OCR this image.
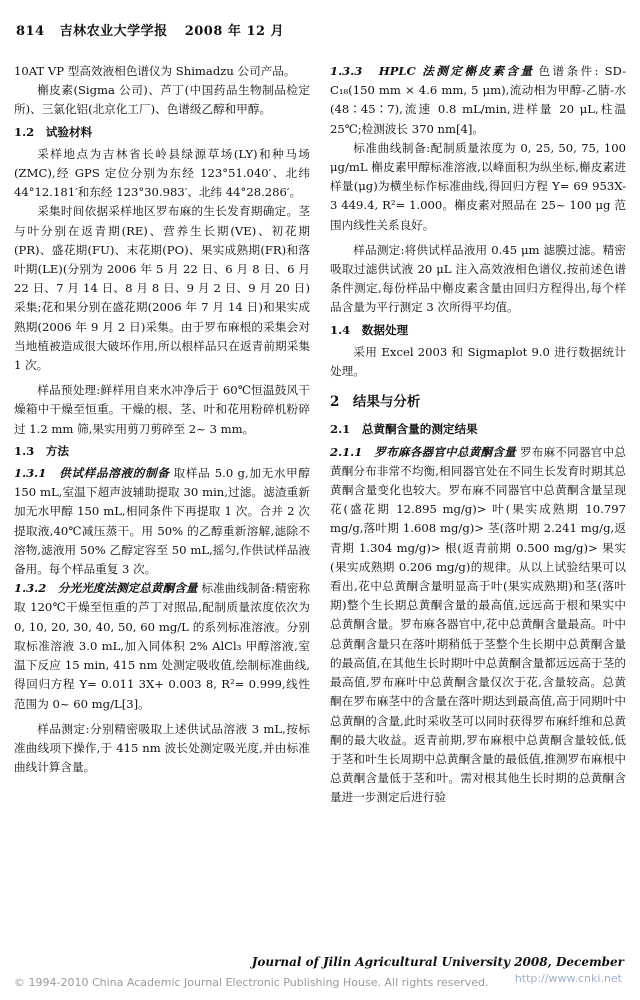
814 吉林农业大学学报 2008 年 12 月

10AT VP 型高效液相色谱仪为 Shimadzu 公司产品。

槲皮素(Sigma 公司)、芦丁(中国药品生物制品检定所)、三氯化铝(北京化工厂)、色谱级乙醇和甲醇。

1.2　试验材料

采样地点为吉林省长岭县绿源草场(LY)和种马场(ZMC),经 GPS 定位分别为东经 123°51.040′、北纬 44°12.181′和东经 123°30.983′、北纬 44°28.286′。

采集时间依据采样地区罗布麻的生长发育期确定。茎与叶分别在返青期(RE)、营养生长期(VE)、初花期(PR)、盛花期(FU)、末花期(PO)、果实成熟期(FR)和落叶期(LE)(分别为 2006 年 5 月 22 日、6 月 8 日、6 月 22 日、7 月 14 日、8 月 8 日、9 月 2 日、9 月 20 日)采集;花和果分别在盛花期(2006 年 7 月 14 日)和果实成熟期(2006 年 9 月 2 日)采集。由于罗布麻根的采集会对当地植被造成很大破坏作用,所以根样品只在返青前期采集 1 次。

样品预处理:鲜样用自来水冲净后于 60℃恒温鼓风干燥箱中干燥至恒重。干燥的根、茎、叶和花用粉碎机粉碎过 1.2 mm 筛,果实用剪刀剪碎至 2~ 3 mm。

1.3　方法

1.3.1　供试样品溶液的制备 取样品 5.0 g,加无水甲醇 150 mL,室温下超声波辅助提取 30 min,过滤。滤渣重新加无水甲醇 150 mL,相同条件下再提取 1 次。合并 2 次提取液,40℃减压蒸干。用 50% 的乙醇重新溶解,滤除不溶物,滤液用 50% 乙醇定容至 50 mL,摇匀,作供试样品液备用。每个样品重复 3 次。

1.3.2　分光光度法测定总黄酮含量 标准曲线制备:精密称取 120℃干燥至恒重的芦丁对照品,配制质量浓度依次为 0, 10, 20, 30, 40, 50, 60 mg/L 的系列标准溶液。分别取标准溶液 3.0 mL,加入同体积 2% AlCl₃ 甲醇溶液,室温下反应 15 min, 415 nm 处测定吸收值,绘制标准曲线,得回归方程 Y= 0.011 3X+ 0.003 8, R²= 0.999,线性范围为 0~ 60 mg/L[3]。

样品测定:分别精密吸取上述供试品溶液 3 mL,按标准曲线项下操作,于 415 nm 波长处测定吸光度,并由标准曲线计算含量。

1.3.3　HPLC 法测定槲皮素含量 色谱条件: SD- C₁₈(150 mm × 4.6 mm, 5 μm),流动相为甲醇-乙腈-水(48∶45∶7),流速 0.8 mL/min,进样量 20 μL,柱温 25℃;检测波长 370 nm[4]。

标准曲线制备:配制质量浓度为 0, 25, 50, 75, 100 μg/mL 槲皮素甲醇标准溶液,以峰面积为纵坐标,槲皮素进样量(μg)为横坐标作标准曲线,得回归方程 Y= 69 953X- 3 449.4, R²= 1.000。槲皮素对照品在 25~ 100 μg 范围内线性关系良好。

样品测定:将供试样品液用 0.45 μm 滤膜过滤。精密吸取过滤供试液 20 μL 注入高效液相色谱仪,按前述色谱条件测定,每份样品中槲皮素含量由回归方程得出,每个样品含量为平行测定 3 次所得平均值。

1.4　数据处理

采用 Excel 2003 和 Sigmaplot 9.0 进行数据统计处理。

2　结果与分析
2.1　总黄酮含量的测定结果

2.1.1　罗布麻各器官中总黄酮含量 罗布麻不同器官中总黄酮分布非常不均衡,相同器官处在不同生长发育时期其总黄酮含量变化也较大。罗布麻不同器官中总黄酮含量呈现花(盛花期 12.895 mg/g)> 叶(果实成熟期 10.797 mg/g,落叶期 1.608 mg/g)> 茎(落叶期 2.241 mg/g,返青期 1.304 mg/g)> 根(返青前期 0.500 mg/g)> 果实(果实成熟期 0.206 mg/g)的规律。从以上试验结果可以看出,花中总黄酮含量明显高于叶(果实成熟期)和茎(落叶期)整个生长期总黄酮含量的最高值,远远高于根和果实中总黄酮含量。罗布麻各器官中,花中总黄酮含量最高。叶中总黄酮含量只在落叶期稍低于茎整个生长期中总黄酮含量的最高值,在其他生长时期叶中总黄酮含量都远远高于茎的最高值,罗布麻叶中总黄酮含量仅次于花,含量较高。总黄酮在罗布麻茎中的含量在落叶期达到最高值,高于同期叶中总黄酮的含量,此时采收茎可以同时获得罗布麻纤维和总黄酮的最大收益。返青前期,罗布麻根中总黄酮含量较低,低于茎和叶生长周期中总黄酮含量的最低值,推测罗布麻根中总黄酮含量低于茎和叶。需对根其他生长时期的总黄酮含量进一步测定后进行验

Journal of Jilin Agricultural University 2008, December
© 1994-2010 China Academic Journal Electronic Publishing House. All rights reserved. http://www.cnki.net
